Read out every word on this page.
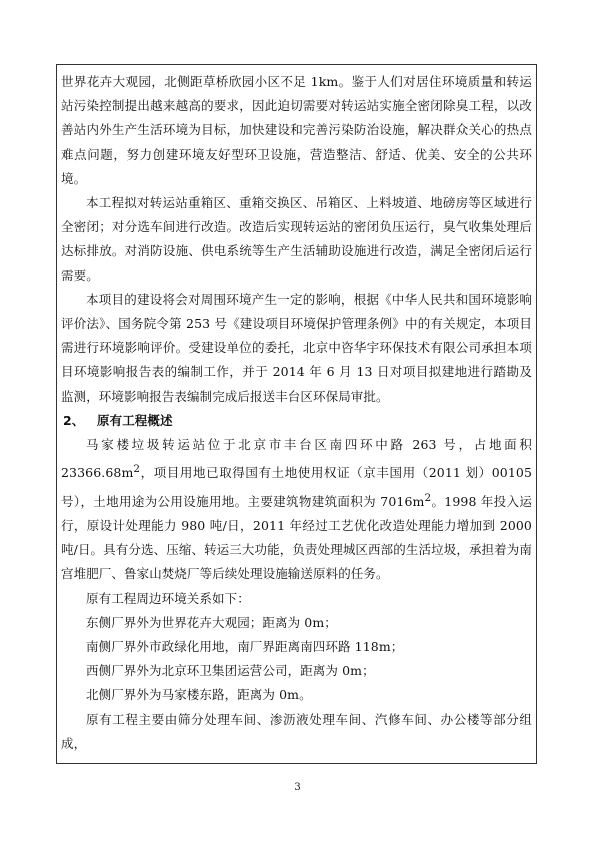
世界花卉大观园，北侧距草桥欣园小区不足 1km。鉴于人们对居住环境质量和转运站污染控制提出越来越高的要求，因此迫切需要对转运站实施全密闭除臭工程，以改善站内外生产生活环境为目标，加快建设和完善污染防治设施，解决群众关心的热点难点问题，努力创建环境友好型环卫设施，营造整洁、舒适、优美、安全的公共环境。

本工程拟对转运站重箱区、重箱交换区、吊箱区、上料坡道、地磅房等区域进行全密闭；对分选车间进行改造。改造后实现转运站的密闭负压运行，臭气收集处理后达标排放。对消防设施、供电系统等生产生活辅助设施进行改造，满足全密闭后运行需要。

本项目的建设将会对周围环境产生一定的影响，根据《中华人民共和国环境影响评价法》、国务院令第 253 号《建设项目环境保护管理条例》中的有关规定，本项目需进行环境影响评价。受建设单位的委托，北京中咨华宇环保技术有限公司承担本项目环境影响报告表的编制工作，并于 2014 年 6 月 13 日对项目拟建地进行踏勘及监测，环境影响报告表编制完成后报送丰台区环保局审批。

2、 原有工程概述

马家楼垃圾转运站位于北京市丰台区南四环中路 263 号，占地面积 $23366.68m^2$，项目用地已取得国有土地使用权证（京丰国用（2011 划）00105 号），土地用途为公用设施用地。主要建筑物建筑面积为 $7016m^2$。1998 年投入运行，原设计处理能力 980 吨/日，2011 年经过工艺优化改造处理能力增加到 2000 吨/日。具有分选、压缩、转运三大功能，负责处理城区西部的生活垃圾，承担着为南宫堆肥厂、鲁家山焚烧厂等后续处理设施输送原料的任务。

原有工程周边环境关系如下：

东侧厂界外为世界花卉大观园；距离为 0m；

南侧厂界外市政绿化用地，南厂界距离南四环路 118m；

西侧厂界外为北京环卫集团运营公司，距离为 0m；

北侧厂界外为马家楼东路，距离为 0m。

原有工程主要由筛分处理车间、渗沥液处理车间、汽修车间、办公楼等部分组成，

3
